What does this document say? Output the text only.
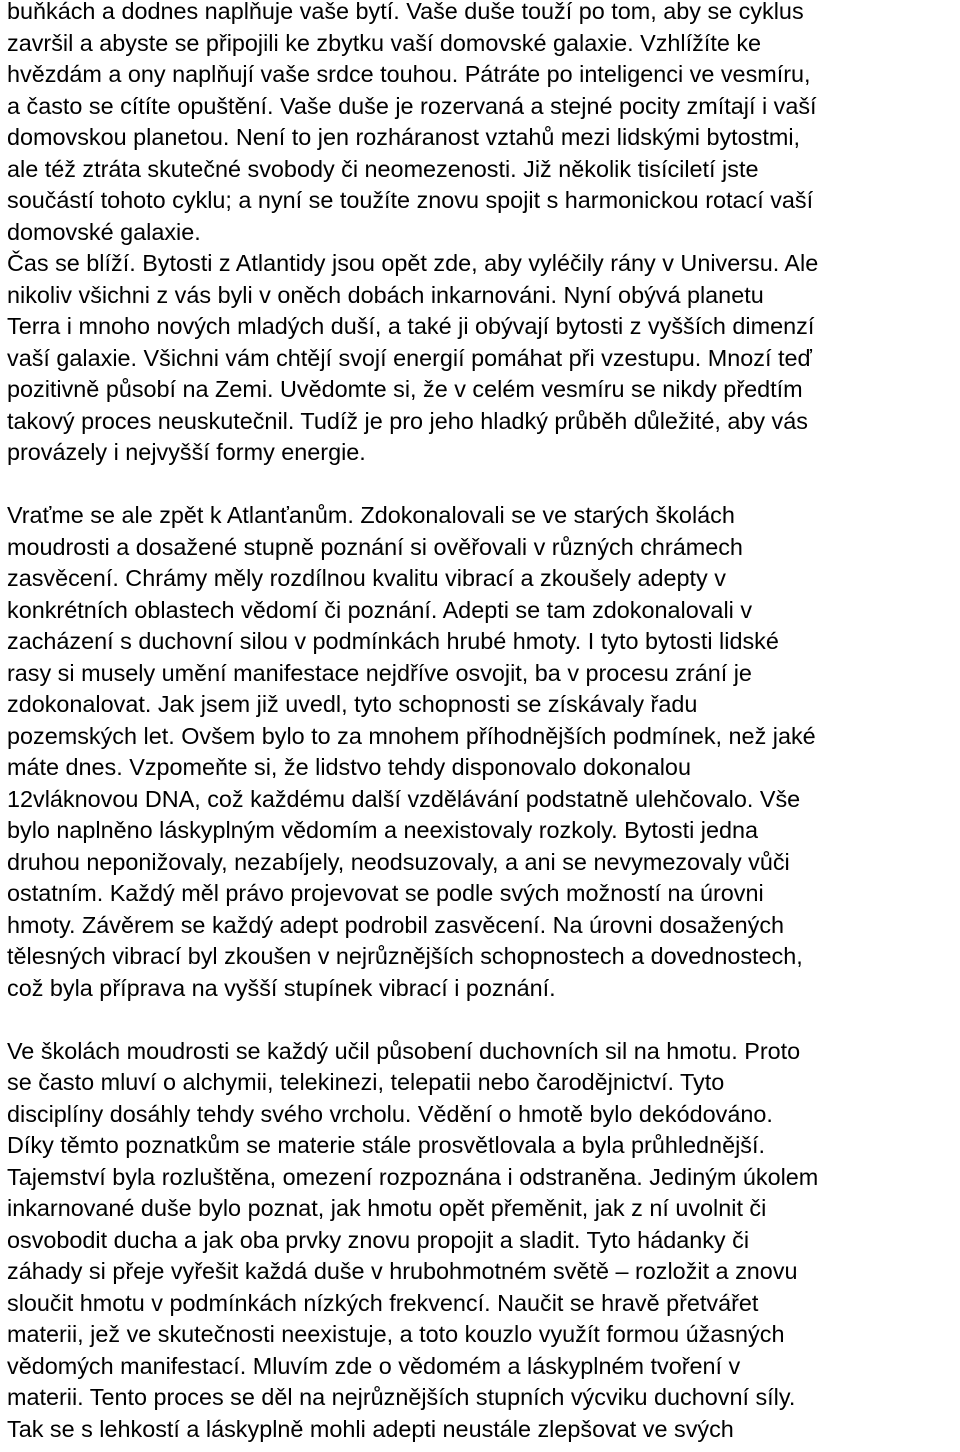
buňkách a dodnes naplňuje vaše bytí. Vaše duše touží po tom, aby se cyklus
završil a abyste se připojili ke zbytku vaší domovské galaxie. Vzhlížíte ke
hvězdám a ony naplňují vaše srdce touhou. Pátráte po inteligenci ve vesmíru,
a často se cítíte opuštění. Vaše duše je rozervaná a stejné pocity zmítají i vaší
domovskou planetou. Není to jen rozháranost vztahů mezi lidskými bytostmi,
ale též ztráta skutečné svobody či neomezenosti. Již několik tisíciletí jste
součástí tohoto cyklu; a nyní se toužíte znovu spojit s harmonickou rotací vaší
domovské galaxie.
Čas se blíží. Bytosti z Atlantidy jsou opět zde, aby vyléčily rány v Universu. Ale
nikoliv všichni z vás byli v oněch dobách inkarnováni. Nyní obývá planetu
Terra i mnoho nových mladých duší, a také ji obývají bytosti z vyšších dimenzí
vaší galaxie. Všichni vám chtějí svojí energií pomáhat při vzestupu. Mnozí teď
pozitivně působí na Zemi. Uvědomte si, že v celém vesmíru se nikdy předtím
takový proces neuskutečnil. Tudíž je pro jeho hladký průběh důležité, aby vás
provázely i nejvyšší formy energie.
Vraťme se ale zpět k Atlanťanům. Zdokonalovali se ve starých školách
moudrosti a dosažené stupně poznání si ověřovali v různých chrámech
zasvěcení. Chrámy měly rozdílnou kvalitu vibrací a zkoušely adepty v
konkrétních oblastech vědomí či poznání. Adepti se tam zdokonalovali v
zacházení s duchovní silou v podmínkách hrubé hmoty. I tyto bytosti lidské
rasy si musely umění manifestace nejdříve osvojit, ba v procesu zrání je
zdokonalovat. Jak jsem již uvedl, tyto schopnosti se získávaly řadu
pozemských let. Ovšem bylo to za mnohem příhodnějších podmínek, než jaké
máte dnes. Vzpomeňte si, že lidstvo tehdy disponovalo dokonalou
12vláknovou DNA, což každému další vzdělávání podstatně ulehčovalo. Vše
bylo naplněno láskyplným vědomím a neexistovaly rozkoly. Bytosti jedna
druhou neponižovaly, nezabíjely, neodsuzovaly, a ani se nevymezovaly vůči
ostatním. Každý měl právo projevovat se podle svých možností na úrovni
hmoty. Závěrem se každý adept podrobil zasvěcení. Na úrovni dosažených
tělesných vibrací byl zkoušen v nejrůznějších schopnostech a dovednostech,
což byla příprava na vyšší stupínek vibrací i poznání.
Ve školách moudrosti se každý učil působení duchovních sil na hmotu. Proto
se často mluví o alchymii, telekinezi, telepatii nebo čarodějnictví. Tyto
disciplíny dosáhly tehdy svého vrcholu. Vědění o hmotě bylo dekódováno.
Díky těmto poznatkům se materie stále prosvětlovala a byla průhlednější.
Tajemství byla rozluštěna, omezení rozpoznána i odstraněna. Jediným úkolem
inkarnované duše bylo poznat, jak hmotu opět přeměnit, jak z ní uvolnit či
osvobodit ducha a jak oba prvky znovu propojit a sladit. Tyto hádanky či
záhady si přeje vyřešit každá duše v hrubohmotném světě – rozložit a znovu
sloučit hmotu v podmínkách nízkých frekvencí. Naučit se hravě přetvářet
materii, jež ve skutečnosti neexistuje, a toto kouzlo využít formou úžasných
vědomých manifestací. Mluvím zde o vědomém a láskyplném tvoření v
materii. Tento proces se děl na nejrůznějších stupních výcviku duchovní síly.
Tak se s lehkostí a láskyplně mohli adepti neustále zlepšovat ve svých
